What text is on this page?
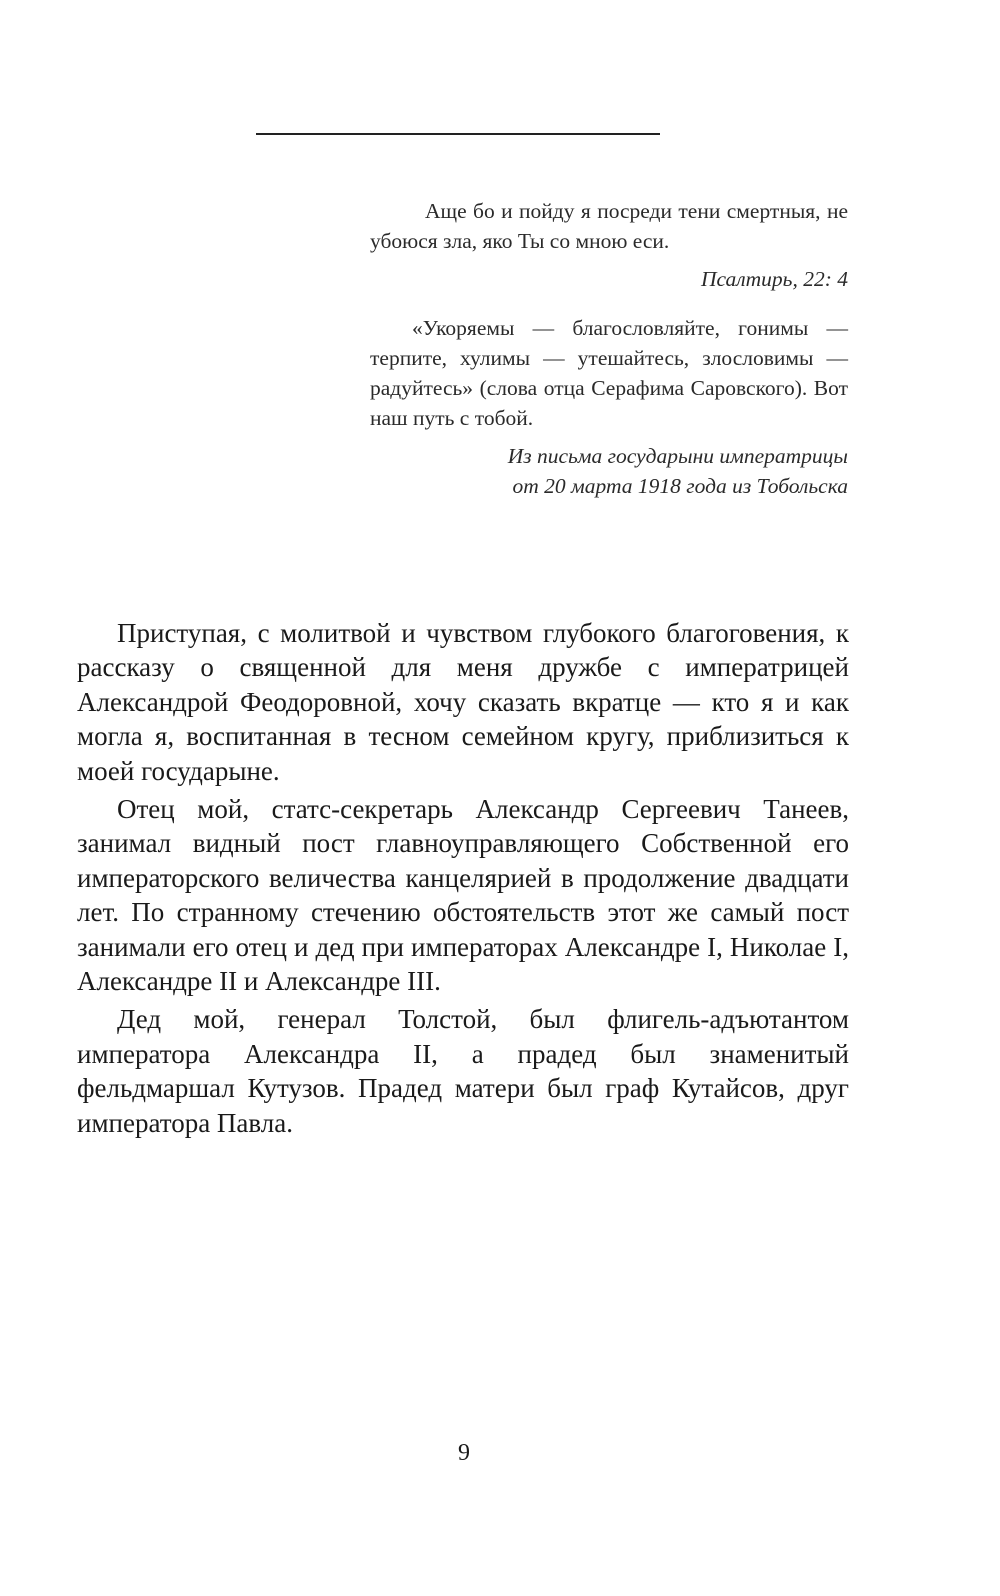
Аще бо и пойду я посреди тени смертныя, не убоюся зла, яко Ты со мною еси.

Псалтирь, 22: 4

«Укоряемы — благословляйте, гонимы — терпите, хулимы — утешайтесь, злословимы — радуйтесь» (слова отца Серафима Саровского). Вот наш путь с тобой.

Из письма государыни императрицы
от 20 марта 1918 года из Тобольска

Приступая, с молитвой и чувством глубокого благоговения, к рассказу о священной для меня дружбе с императрицей Александрой Феодоровной, хочу сказать вкратце — кто я и как могла я, воспитанная в тесном семейном кругу, приблизиться к моей государыне.

Отец мой, статс-секретарь Александр Сергеевич Танеев, занимал видный пост главноуправляющего Собственной его императорского величества канцелярией в продолжение двадцати лет. По странному стечению обстоятельств этот же самый пост занимали его отец и дед при императорах Александре I, Николае I, Александре II и Александре III.

Дед мой, генерал Толстой, был флигель-адъютантом императора Александра II, а прадед был знаменитый фельдмаршал Кутузов. Прадед матери был граф Кутайсов, друг императора Павла.

9
